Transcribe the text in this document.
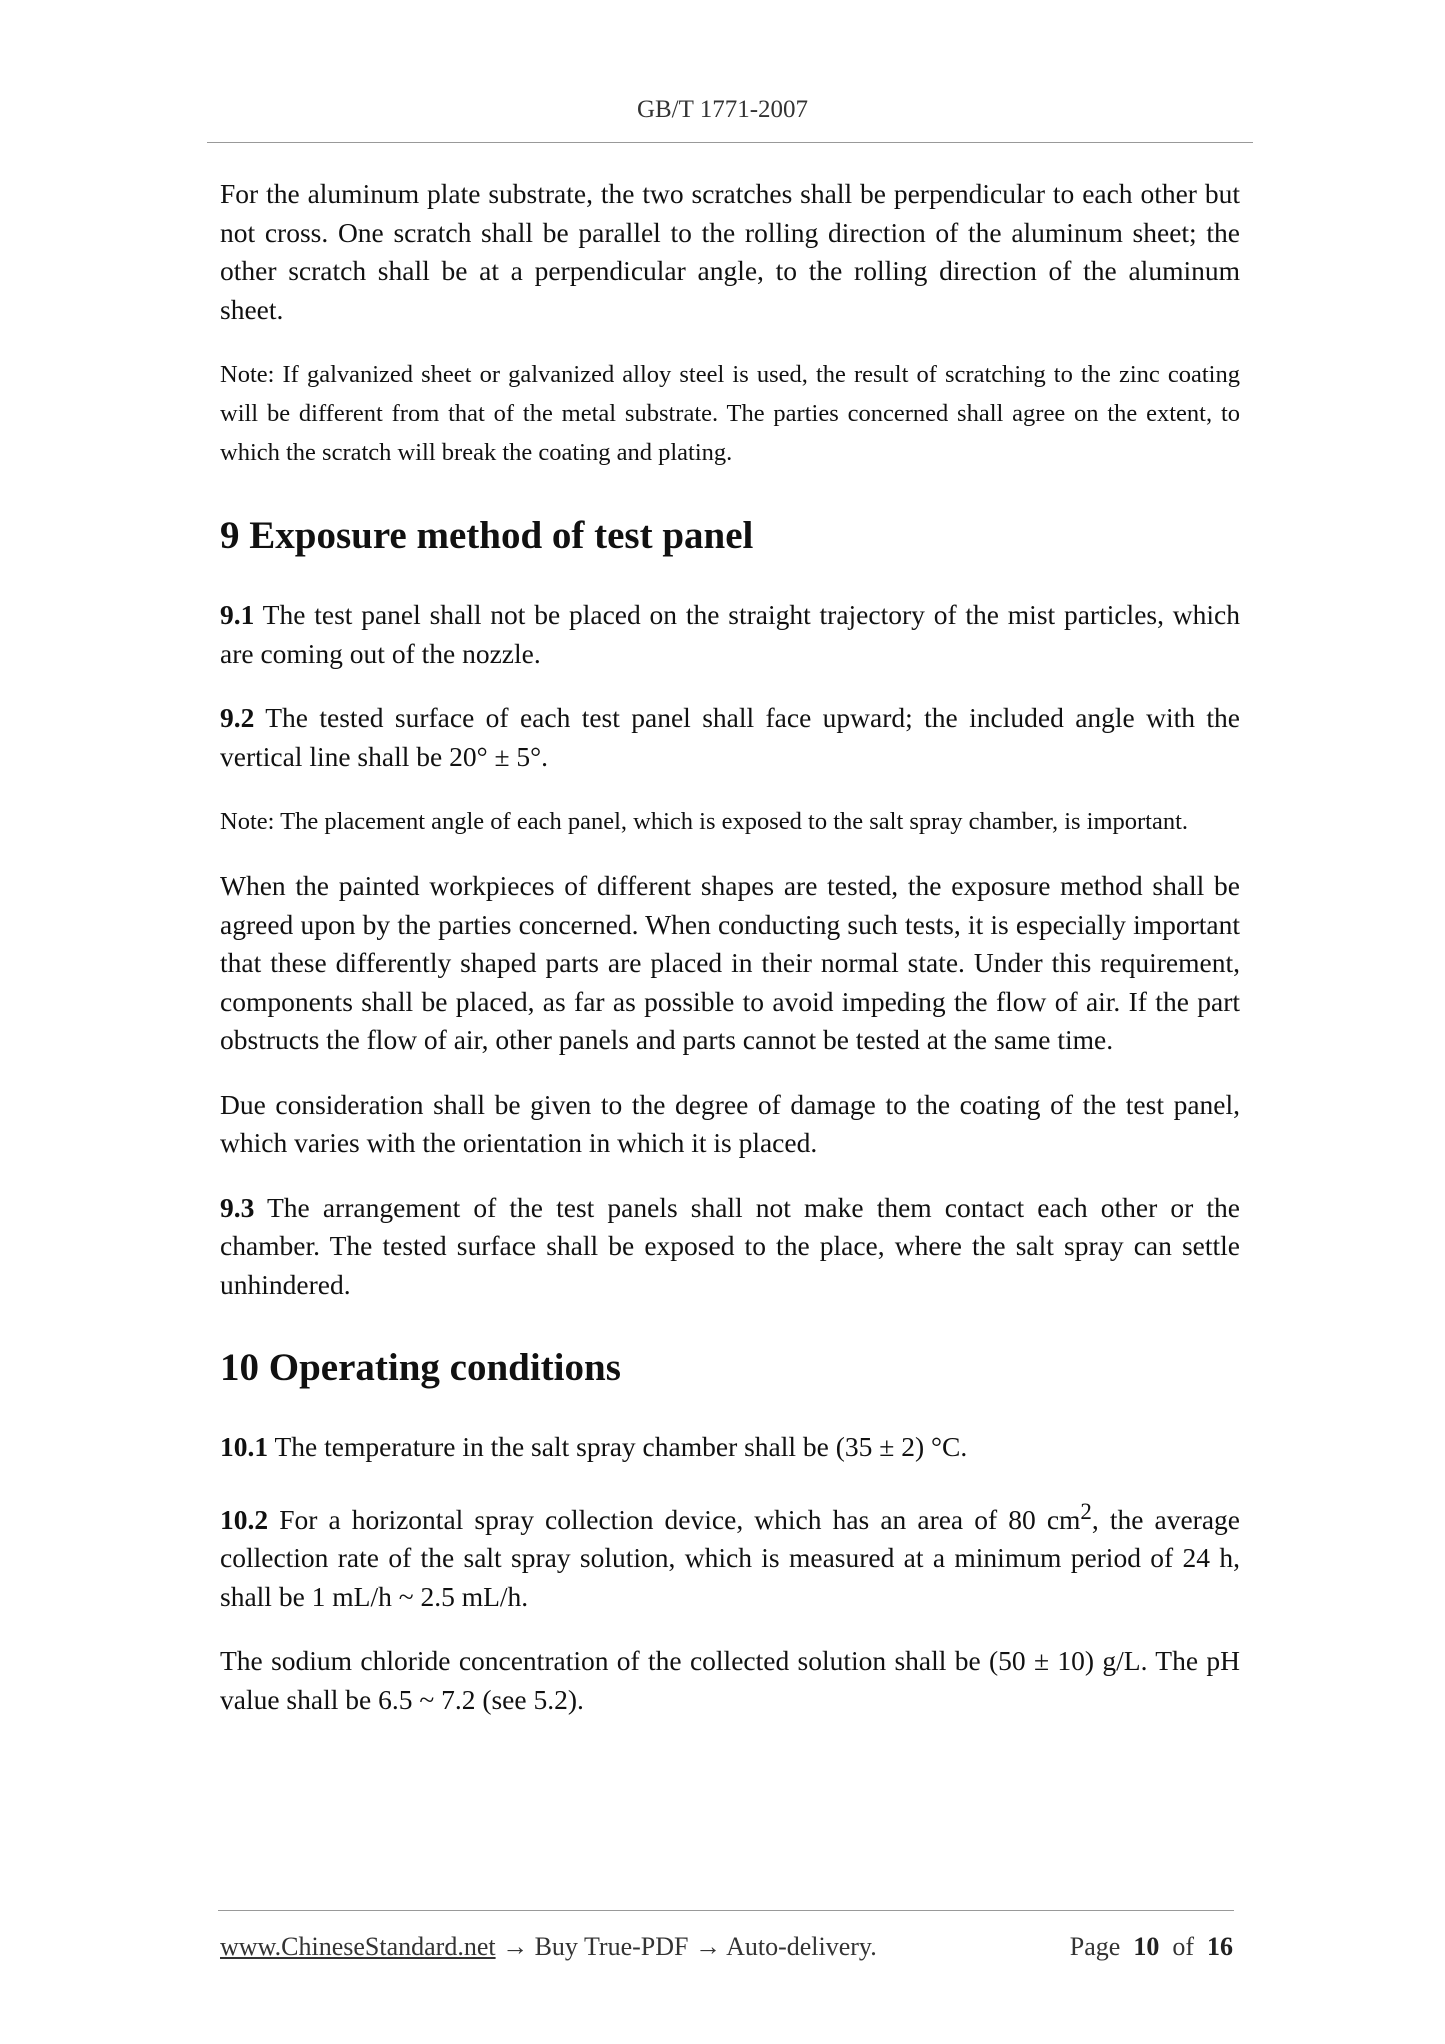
GB/T 1771-2007

For the aluminum plate substrate, the two scratches shall be perpendicular to each other but not cross. One scratch shall be parallel to the rolling direction of the aluminum sheet; the other scratch shall be at a perpendicular angle, to the rolling direction of the aluminum sheet.

Note: If galvanized sheet or galvanized alloy steel is used, the result of scratching to the zinc coating will be different from that of the metal substrate. The parties concerned shall agree on the extent, to which the scratch will break the coating and plating.

9 Exposure method of test panel

9.1 The test panel shall not be placed on the straight trajectory of the mist particles, which are coming out of the nozzle.

9.2 The tested surface of each test panel shall face upward; the included angle with the vertical line shall be 20° ± 5°.

Note: The placement angle of each panel, which is exposed to the salt spray chamber, is important.

When the painted workpieces of different shapes are tested, the exposure method shall be agreed upon by the parties concerned. When conducting such tests, it is especially important that these differently shaped parts are placed in their normal state. Under this requirement, components shall be placed, as far as possible to avoid impeding the flow of air. If the part obstructs the flow of air, other panels and parts cannot be tested at the same time.

Due consideration shall be given to the degree of damage to the coating of the test panel, which varies with the orientation in which it is placed.

9.3 The arrangement of the test panels shall not make them contact each other or the chamber. The tested surface shall be exposed to the place, where the salt spray can settle unhindered.

10 Operating conditions

10.1 The temperature in the salt spray chamber shall be (35 ± 2) °C.

10.2 For a horizontal spray collection device, which has an area of 80 $cm^2$, the average collection rate of the salt spray solution, which is measured at a minimum period of 24 h, shall be 1 mL/h ~ 2.5 mL/h.

The sodium chloride concentration of the collected solution shall be (50 ± 10) g/L. The pH value shall be 6.5 ~ 7.2 (see 5.2).

www.ChineseStandard.net → Buy True-PDF → Auto-delivery.	Page 10 of 16
